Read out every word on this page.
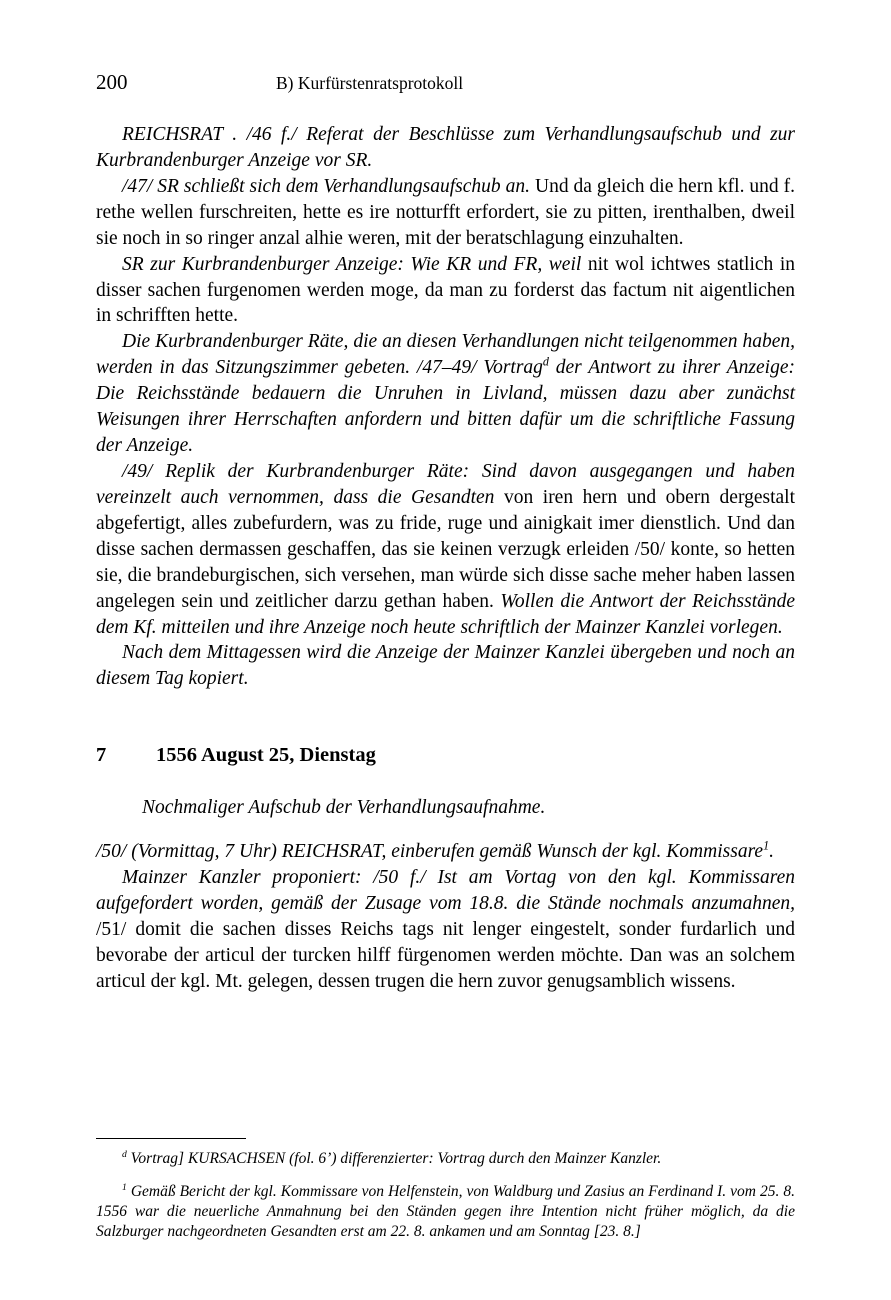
200	B) Kurfürstenratsprotokoll

REICHSRAT . /46 f./ Referat der Beschlüsse zum Verhandlungsaufschub und zur Kurbrandenburger Anzeige vor SR.

/47/ SR schließt sich dem Verhandlungsaufschub an. Und da gleich die hern kfl. und f. rethe wellen furschreiten, hette es ire notturfft erfordert, sie zu pitten, irenthalben, dweil sie noch in so ringer anzal alhie weren, mit der beratschlagung einzuhalten.

SR zur Kurbrandenburger Anzeige: Wie KR und FR, weil nit wol ichtwes statlich in disser sachen furgenomen werden moge, da man zu forderst das factum nit aigentlichen in schrifften hette.

Die Kurbrandenburger Räte, die an diesen Verhandlungen nicht teilgenommen haben, werden in das Sitzungszimmer gebeten. /47–49/ Vortrag$^d$ der Antwort zu ihrer Anzeige: Die Reichsstände bedauern die Unruhen in Livland, müssen dazu aber zunächst Weisungen ihrer Herrschaften anfordern und bitten dafür um die schriftliche Fassung der Anzeige.

/49/ Replik der Kurbrandenburger Räte: Sind davon ausgegangen und haben vereinzelt auch vernommen, dass die Gesandten von iren hern und obern dergestalt abgefertigt, alles zubefurdern, was zu fride, ruge und ainigkait imer dienstlich. Und dan disse sachen dermassen geschaffen, das sie keinen verzugk erleiden /50/ konte, so hetten sie, die brandeburgischen, sich versehen, man würde sich disse sache meher haben lassen angelegen sein und zeitlicher darzu gethan haben. Wollen die Antwort der Reichsstände dem Kf. mitteilen und ihre Anzeige noch heute schriftlich der Mainzer Kanzlei vorlegen.

Nach dem Mittagessen wird die Anzeige der Mainzer Kanzlei übergeben und noch an diesem Tag kopiert.

7	1556 August 25, Dienstag

Nochmaliger Aufschub der Verhandlungsaufnahme.

/50/ (Vormittag, 7 Uhr) REICHSRAT, einberufen gemäß Wunsch der kgl. Kommissare$^1$.

Mainzer Kanzler proponiert: /50 f./ Ist am Vortag von den kgl. Kommissaren aufgefordert worden, gemäß der Zusage vom 18.8. die Stände nochmals anzumahnen, /51/ domit die sachen disses Reichs tags nit lenger eingestelt, sonder furdarlich und bevorabe der articul der turcken hilff fürgenomen werden möchte. Dan was an solchem articul der kgl. Mt. gelegen, dessen trugen die hern zuvor genugsamblich wissens.

$^d$ Vortrag] KURSACHSEN (fol. 6’) differenzierter: Vortrag durch den Mainzer Kanzler.

$^1$ Gemäß Bericht der kgl. Kommissare von Helfenstein, von Waldburg und Zasius an Ferdinand I. vom 25. 8. 1556 war die neuerliche Anmahnung bei den Ständen gegen ihre Intention nicht früher möglich, da die Salzburger nachgeordneten Gesandten erst am 22. 8. ankamen und am Sonntag [23. 8.]
